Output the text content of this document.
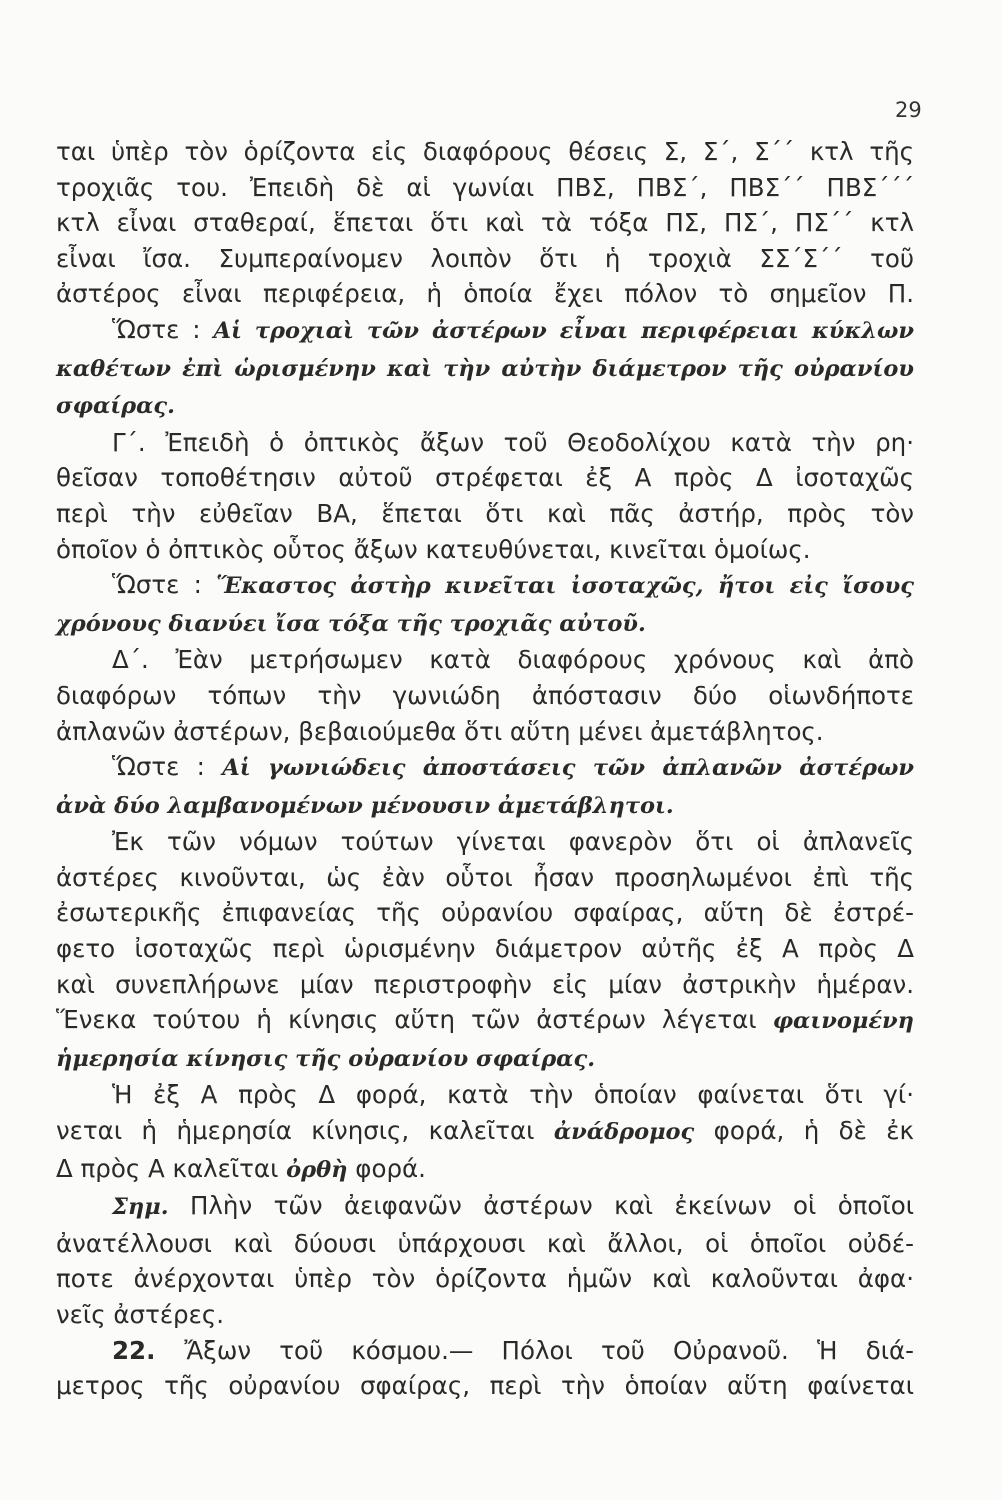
29
ται ὑπὲρ τὸν ὁρίζοντα εἰς διαφόρους θέσεις Σ, Σ΄, Σ΄΄ κτλ τῆς
τροχιᾶς του. Ἐπειδὴ δὲ αἱ γωνίαι ΠΒΣ, ΠΒΣ΄, ΠΒΣ΄΄ ΠΒΣ΄΄΄
κτλ εἶναι σταθεραί, ἕπεται ὅτι καὶ τὰ τόξα ΠΣ, ΠΣ΄, ΠΣ΄΄ κτλ
εἶναι ἴσα. Συμπεραίνομεν λοιπὸν ὅτι ἡ τροχιὰ ΣΣ΄Σ΄΄ τοῦ
ἀστέρος εἶναι περιφέρεια, ἡ ὁποία ἔχει πόλον τὸ σημεῖον Π.
Ὥστε : Αἱ τροχιαὶ τῶν ἀστέρων εἶναι περιφέρειαι κύκλων
καθέτων ἐπὶ ὡρισμένην καὶ τὴν αὐτὴν διάμετρον τῆς οὐρανίου
σφαίρας.
Γ΄. Ἐπειδὴ ὁ ὀπτικὸς ἄξων τοῦ Θεοδολίχου κατὰ τὴν ρη·
θεῖσαν τοποθέτησιν αὐτοῦ στρέφεται ἐξ Α πρὸς Δ ἰσοταχῶς
περὶ τὴν εὐθεῖαν ΒΑ, ἕπεται ὅτι καὶ πᾶς ἀστήρ, πρὸς τὸν
ὁποῖον ὁ ὀπτικὸς οὗτος ἄξων κατευθύνεται, κινεῖται ὁμοίως.
Ὥστε : Ἕκαστος ἀστὴρ κινεῖται ἰσοταχῶς, ἤτοι εἰς ἴσους
χρόνους διανύει ἴσα τόξα τῆς τροχιᾶς αὐτοῦ.
Δ΄. Ἐὰν μετρήσωμεν κατὰ διαφόρους χρόνους καὶ ἀπὸ
διαφόρων τόπων τὴν γωνιώδη ἀπόστασιν δύο οἱωνδήποτε
ἀπλανῶν ἀστέρων, βεβαιούμεθα ὅτι αὕτη μένει ἀμετάβλητος.
Ὥστε : Αἱ γωνιώδεις ἀποστάσεις τῶν ἀπλανῶν ἀστέρων
ἀνὰ δύο λαμβανομένων μένουσιν ἀμετάβλητοι.
Ἐκ τῶν νόμων τούτων γίνεται φανερὸν ὅτι οἱ ἀπλανεῖς
ἀστέρες κινοῦνται, ὡς ἐὰν οὗτοι ἦσαν προσηλωμένοι ἐπὶ τῆς
ἐσωτερικῆς ἐπιφανείας τῆς οὐρανίου σφαίρας, αὕτη δὲ ἐστρέ-
φετο ἰσοταχῶς περὶ ὡρισμένην διάμετρον αὐτῆς ἐξ Α πρὸς Δ
καὶ συνεπλήρωνε μίαν περιστροφὴν εἰς μίαν ἀστρικὴν ἡμέραν.
Ἕνεκα τούτου ἡ κίνησις αὕτη τῶν ἀστέρων λέγεται φαινομένη
ἡμερησία κίνησις τῆς οὐρανίου σφαίρας.
Ἡ ἐξ Α πρὸς Δ φορά, κατὰ τὴν ὁποίαν φαίνεται ὅτι γί·
νεται ἡ ἡμερησία κίνησις, καλεῖται ἀνάδρομος φορά, ἡ δὲ ἐκ
Δ πρὸς Α καλεῖται ὀρθὴ φορά.
Σημ. Πλὴν τῶν ἀειφανῶν ἀστέρων καὶ ἐκείνων οἱ ὁποῖοι
ἀνατέλλουσι καὶ δύουσι ὑπάρχουσι καὶ ἄλλοι, οἱ ὁποῖοι οὐδέ-
ποτε ἀνέρχονται ὑπὲρ τὸν ὁρίζοντα ἡμῶν καὶ καλοῦνται ἀφα·
νεῖς ἀστέρες.
22. Ἄξων τοῦ κόσμου.— Πόλοι τοῦ Οὐρανοῦ. Ἡ διά-
μετρος τῆς οὐρανίου σφαίρας, περὶ τὴν ὁποίαν αὕτη φαίνεται
